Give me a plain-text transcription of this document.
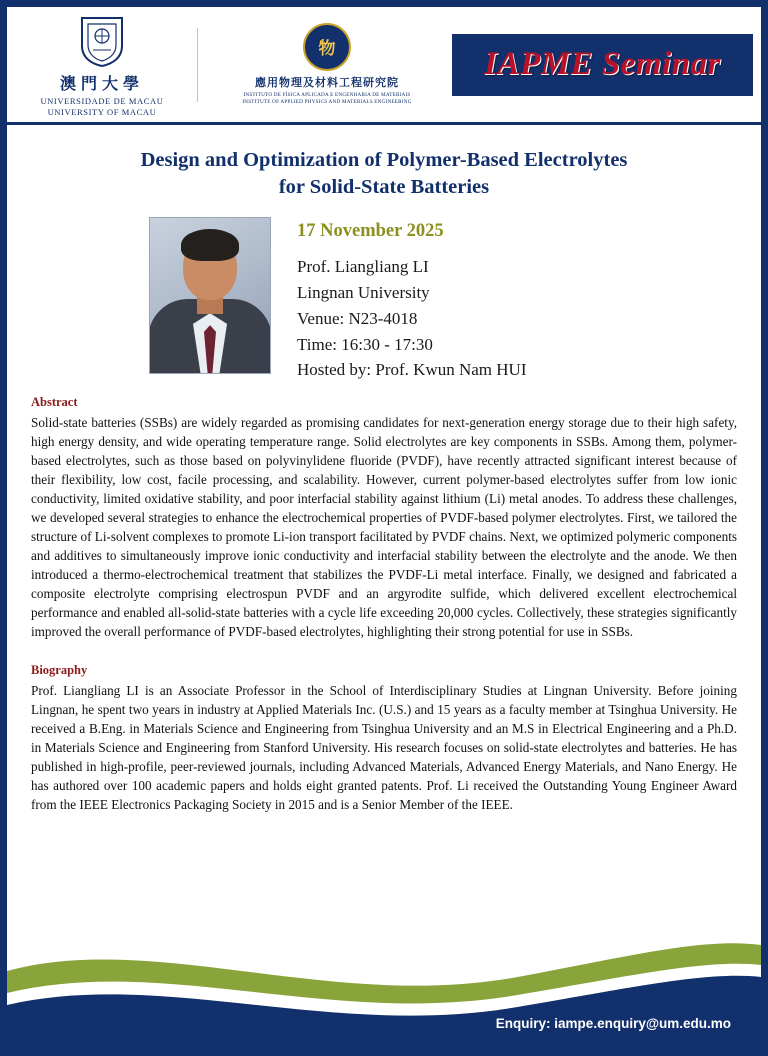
澳門大學
UNIVERSIDADE DE MACAU
UNIVERSITY OF MACAU
物
應用物理及材料工程研究院
INSTITUTO DE FÍSICA APLICADA E ENGENHARIA DE MATERIAIS
INSTITUTE OF APPLIED PHYSICS AND MATERIALS ENGINEERING
IAPME Seminar
Design and Optimization of Polymer-Based Electrolytes
for Solid-State Batteries
17 November 2025
Prof. Liangliang LI
Lingnan University
Venue: N23-4018
Time: 16:30 - 17:30
Hosted by: Prof. Kwun Nam HUI
Abstract
Solid-state batteries (SSBs) are widely regarded as promising candidates for next-generation energy storage due to their high safety, high energy density, and wide operating temperature range. Solid electrolytes are key components in SSBs. Among them, polymer-based electrolytes, such as those based on polyvinylidene fluoride (PVDF), have recently attracted significant interest because of their flexibility, low cost, facile processing, and scalability. However, current polymer-based electrolytes suffer from low ionic conductivity, limited oxidative stability, and poor interfacial stability against lithium (Li) metal anodes. To address these challenges, we developed several strategies to enhance the electrochemical properties of PVDF-based polymer electrolytes. First, we tailored the structure of Li-solvent complexes to promote Li-ion transport facilitated by PVDF chains. Next, we optimized polymeric components and additives to simultaneously improve ionic conductivity and interfacial stability between the electrolyte and the anode. We then introduced a thermo-electrochemical treatment that stabilizes the PVDF-Li metal interface. Finally, we designed and fabricated a composite electrolyte comprising electrospun PVDF and an argyrodite sulfide, which delivered excellent electrochemical performance and enabled all-solid-state batteries with a cycle life exceeding 20,000 cycles. Collectively, these strategies significantly improved the overall performance of PVDF-based electrolytes, highlighting their strong potential for use in SSBs.
Biography
Prof. Liangliang LI is an Associate Professor in the School of Interdisciplinary Studies at Lingnan University. Before joining Lingnan, he spent two years in industry at Applied Materials Inc. (U.S.) and 15 years as a faculty member at Tsinghua University. He received a B.Eng. in Materials Science and Engineering from Tsinghua University and an M.S in Electrical Engineering and a Ph.D. in Materials Science and Engineering from Stanford University. His research focuses on solid-state electrolytes and batteries. He has published in high-profile, peer-reviewed journals, including Advanced Materials, Advanced Energy Materials, and Nano Energy. He has authored over 100 academic papers and holds eight granted patents. Prof. Li received the Outstanding Young Engineer Award from the IEEE Electronics Packaging Society in 2015 and is a Senior Member of the IEEE.
Enquiry: iampe.enquiry@um.edu.mo
